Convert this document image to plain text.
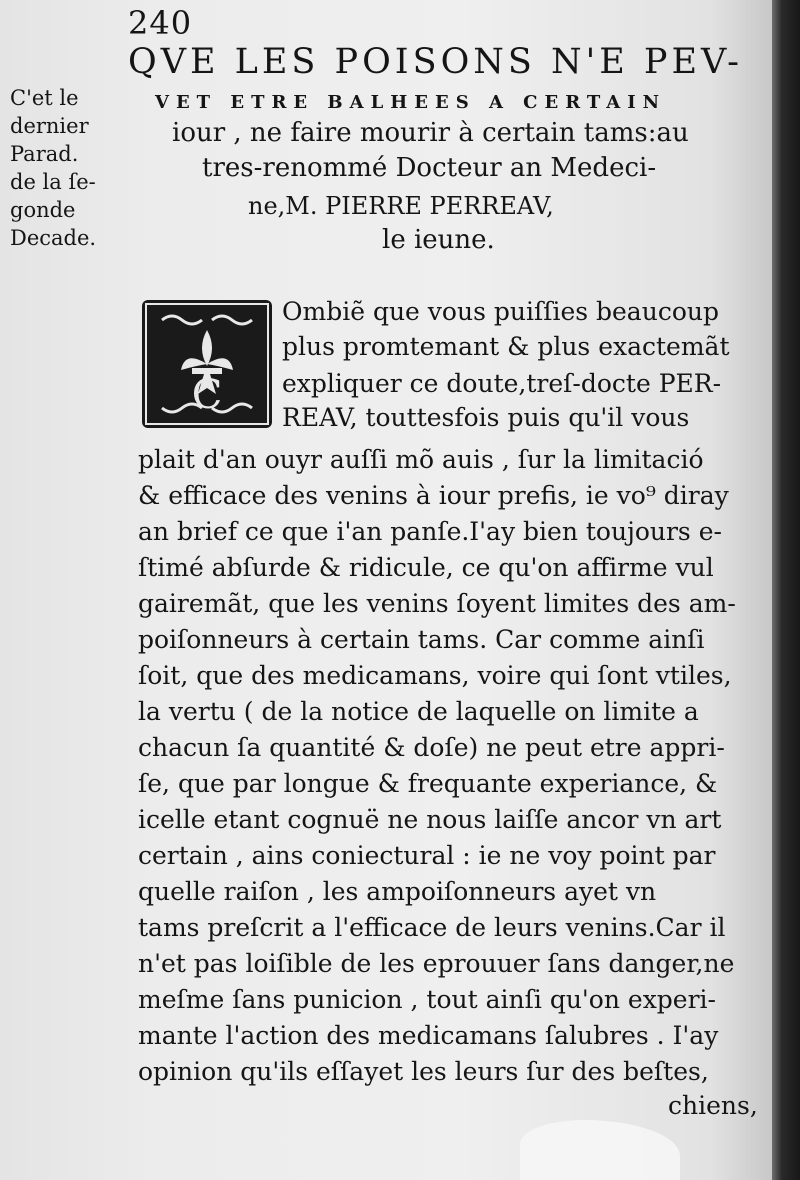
240
QVE LES POISONS N'E PEV-
VET ETRE BALHEES A CERTAIN
iour , ne faire mourir à certain tams:au
tres-renommé Docteur an Medeci-
ne,M. PIERRE PERREAV,
le ieune.
C'et le
dernier
Parad.
de la ſe-
gonde
Decade.
C
Ombiẽ que vous puiſſies beaucoup
plus promtemant & plus exactemãt
expliquer ce doute,treſ-docte PER-
REAV, touttesfois puis qu'il vous
plait d'an ouyr auſſi mõ auis , ſur la limitació
& efficace des venins à iour prefis, ie vo⁹ diray
an brief ce que i'an panſe.I'ay bien toujours e-
ſtimé abſurde & ridicule, ce qu'on affirme vul
gairemãt, que les venins ſoyent limites des am-
poiſonneurs à certain tams. Car comme ainſi
ſoit, que des medicamans, voire qui ſont vtiles,
la vertu ( de la notice de laquelle on limite a
chacun ſa quantité & doſe) ne peut etre appri-
ſe, que par longue & frequante experiance, &
icelle etant cognuë ne nous laiſſe ancor vn art
certain , ains coniectural : ie ne voy point par
quelle raiſon , les ampoiſonneurs ayet vn
tams preſcrit a l'efficace de leurs venins.Car il
n'et pas loiſible de les eprouuer ſans danger,ne
meſme ſans punicion , tout ainſi qu'on experi-
mante l'action des medicamans ſalubres . I'ay
opinion qu'ils eſſayet les leurs ſur des beſtes,
chiens,
